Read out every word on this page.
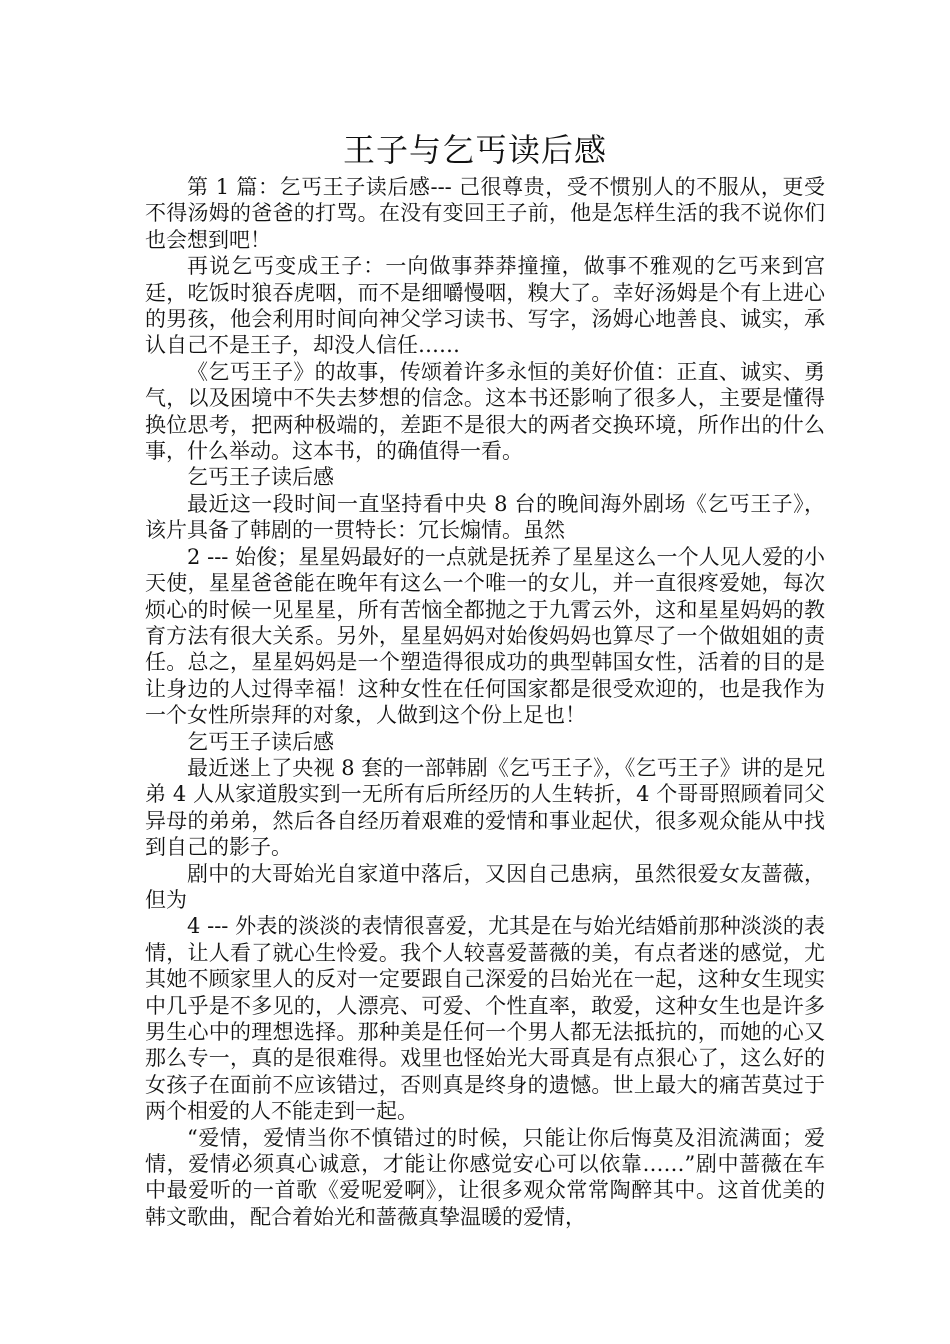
王子与乞丐读后感

第 1 篇：乞丐王子读后感--- 己很尊贵，受不惯别人的不服从，更受不得汤姆的爸爸的打骂。在没有变回王子前，他是怎样生活的我不说你们也会想到吧！

再说乞丐变成王子：一向做事莽莽撞撞，做事不雅观的乞丐来到宫廷，吃饭时狼吞虎咽，而不是细嚼慢咽，糗大了。幸好汤姆是个有上进心的男孩，他会利用时间向神父学习读书、写字，汤姆心地善良、诚实，承认自己不是王子，却没人信任……

《乞丐王子》的故事，传颂着许多永恒的美好价值：正直、诚实、勇气，以及困境中不失去梦想的信念。这本书还影响了很多人，主要是懂得换位思考，把两种极端的，差距不是很大的两者交换环境，所作出的什么事，什么举动。这本书，的确值得一看。

乞丐王子读后感

最近这一段时间一直坚持看中央 8 台的晚间海外剧场《乞丐王子》，该片具备了韩剧的一贯特长：冗长煽情。虽然

2 --- 始俊；星星妈最好的一点就是抚养了星星这么一个人见人爱的小天使，星星爸爸能在晚年有这么一个唯一的女儿，并一直很疼爱她，每次烦心的时候一见星星，所有苦恼全都抛之于九霄云外，这和星星妈妈的教育方法有很大关系。另外，星星妈妈对始俊妈妈也算尽了一个做姐姐的责任。总之，星星妈妈是一个塑造得很成功的典型韩国女性，活着的目的是让身边的人过得幸福！这种女性在任何国家都是很受欢迎的，也是我作为一个女性所崇拜的对象，人做到这个份上足也！

乞丐王子读后感

最近迷上了央视 8 套的一部韩剧《乞丐王子》，《乞丐王子》讲的是兄弟 4 人从家道殷实到一无所有后所经历的人生转折，4 个哥哥照顾着同父异母的弟弟，然后各自经历着艰难的爱情和事业起伏，很多观众能从中找到自己的影子。

剧中的大哥始光自家道中落后，又因自己患病，虽然很爱女友蔷薇，但为

4 --- 外表的淡淡的表情很喜爱，尤其是在与始光结婚前那种淡淡的表情，让人看了就心生怜爱。我个人较喜爱蔷薇的美，有点者迷的感觉，尤其她不顾家里人的反对一定要跟自己深爱的吕始光在一起，这种女生现实中几乎是不多见的，人漂亮、可爱、个性直率，敢爱，这种女生也是许多男生心中的理想选择。那种美是任何一个男人都无法抵抗的，而她的心又那么专一，真的是很难得。戏里也怪始光大哥真是有点狠心了，这么好的女孩子在面前不应该错过，否则真是终身的遗憾。世上最大的痛苦莫过于两个相爱的人不能走到一起。

“爱情，爱情当你不慎错过的时候，只能让你后悔莫及泪流满面；爱情，爱情必须真心诚意，才能让你感觉安心可以依靠……”剧中蔷薇在车中最爱听的一首歌《爱呢爱啊》，让很多观众常常陶醉其中。这首优美的韩文歌曲，配合着始光和蔷薇真挚温暖的爱情，
